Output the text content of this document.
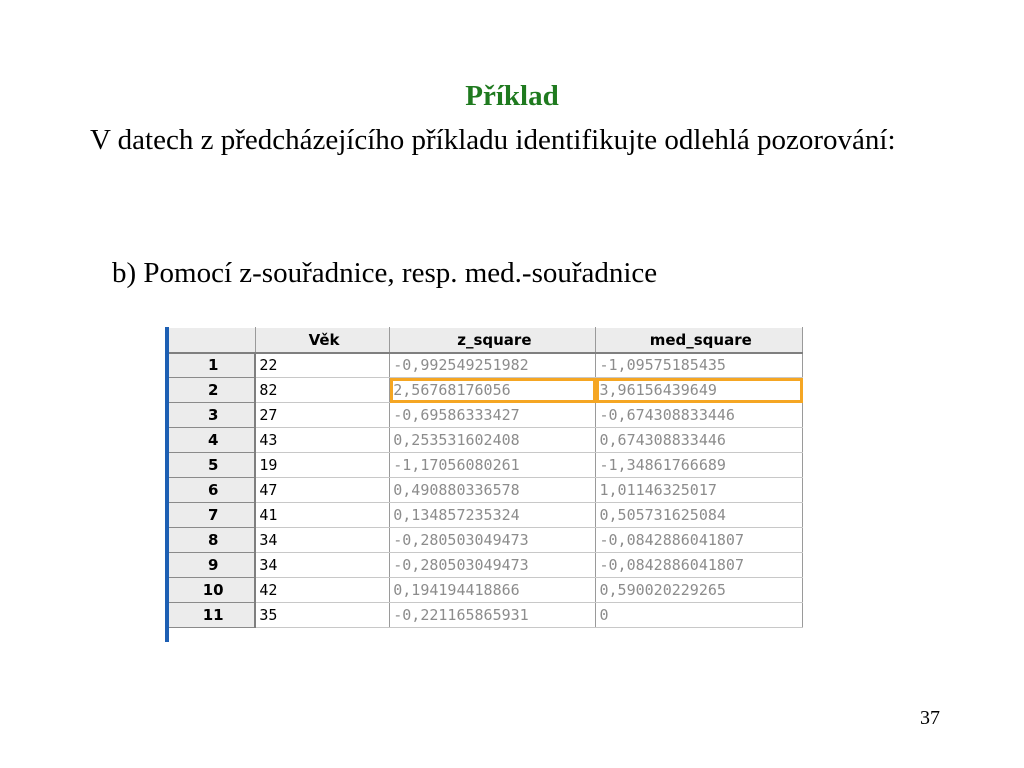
Příklad
V datech z předcházejícího příkladu identifikujte odlehlá pozorování:
b) Pomocí z-souřadnice, resp. med.-souřadnice
	Věk	z_square	med_square
1	22	-0,992549251982	-1,09575185435
2	82	2,56768176056	3,96156439649
3	27	-0,69586333427	-0,674308833446
4	43	0,253531602408	0,674308833446
5	19	-1,17056080261	-1,34861766689
6	47	0,490880336578	1,01146325017
7	41	0,134857235324	0,505731625084
8	34	-0,280503049473	-0,0842886041807
9	34	-0,280503049473	-0,0842886041807
10	42	0,194194418866	0,590020229265
11	35	-0,221165865931	0
37
